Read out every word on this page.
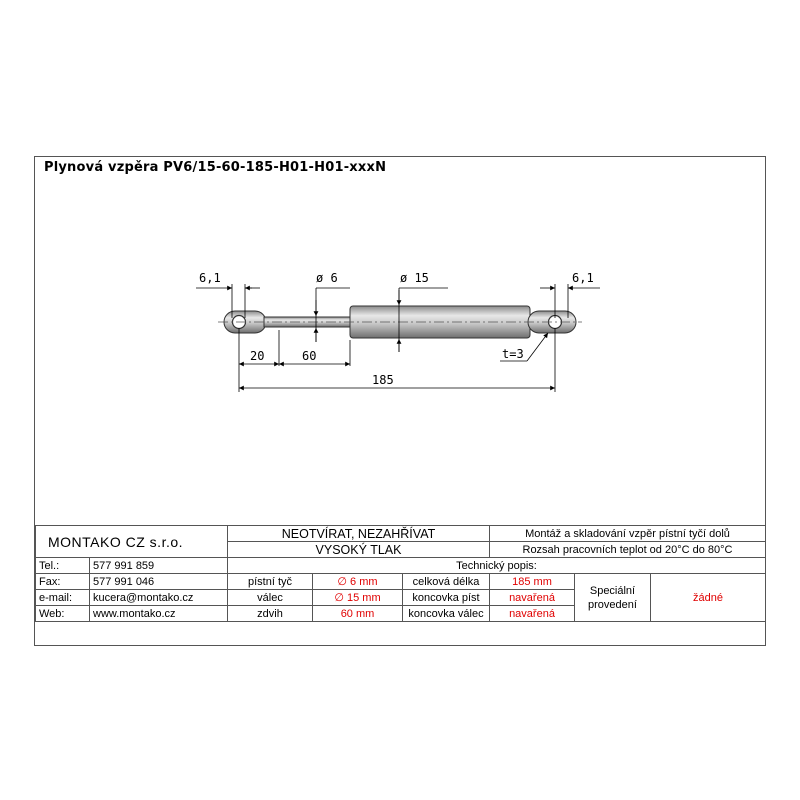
Plynová vzpěra PV6/15-60-185-H01-H01-xxxN
6,1	ø 6	ø 15	6,1
20	60	t=3
185
MONTAKO CZ s.r.o.		NEOTVÍRAT, NEZAHŘÍVAT			Montáž a skladování vzpěr pístní tyčí dolů		
		VYSOKÝ TLAK			Rozsah pracovních teplot od 20°C do 80°C		
Tel.:	577 991 859	Technický popis:					
Fax:	577 991 046	pístní tyč	∅ 6 mm	celková délka	185 mm	Speciální provedení	žádné
e-mail:	kucera@montako.cz	válec	∅ 15 mm	koncovka píst	navařená		
Web:	www.montako.cz	zdvih	60 mm	koncovka válec	navařená		
